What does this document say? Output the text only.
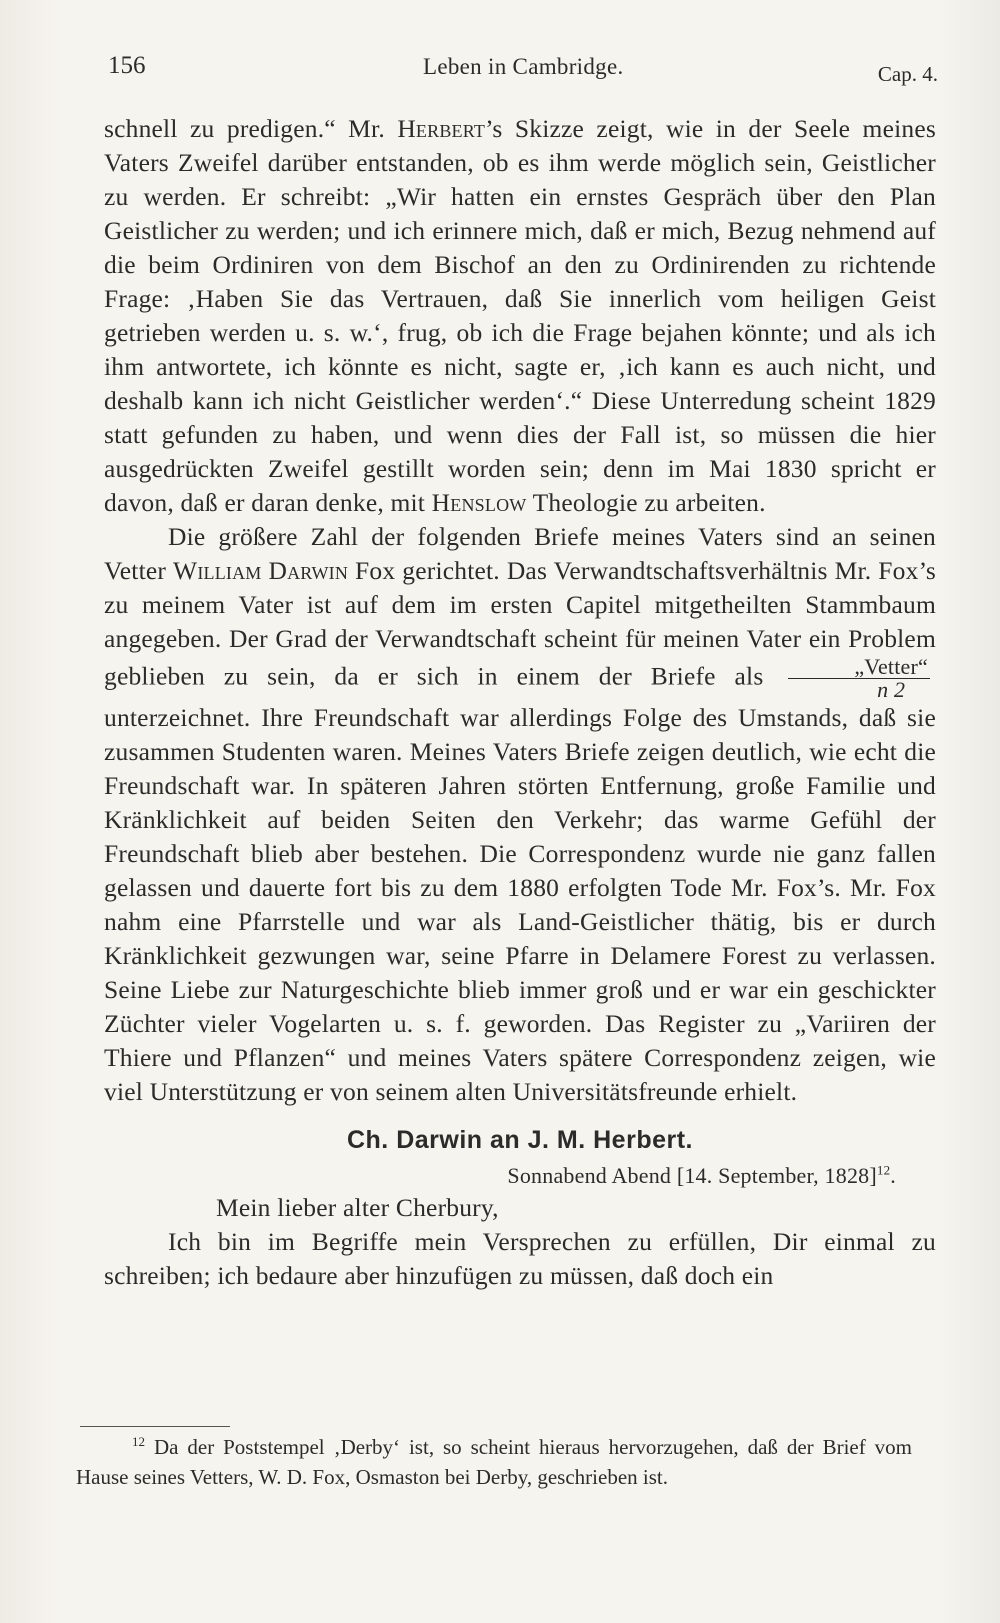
156	Leben in Cambridge.	Cap. 4.

schnell zu predigen.“ Mr. Herbert’s Skizze zeigt, wie in der Seele meines Vaters Zweifel darüber entstanden, ob es ihm werde möglich sein, Geistlicher zu werden. Er schreibt: „Wir hatten ein ernstes Gespräch über den Plan Geistlicher zu werden; und ich erinnere mich, daß er mich, Bezug nehmend auf die beim Ordiniren von dem Bischof an den zu Ordinirenden zu richtende Frage: ‚Haben Sie das Vertrauen, daß Sie innerlich vom heiligen Geist getrieben werden u. s. w.‘, frug, ob ich die Frage bejahen könnte; und als ich ihm antwortete, ich könnte es nicht, sagte er, ‚ich kann es auch nicht, und deshalb kann ich nicht Geistlicher werden‘.“ Diese Unterredung scheint 1829 statt gefunden zu haben, und wenn dies der Fall ist, so müssen die hier ausgedrückten Zweifel gestillt worden sein; denn im Mai 1830 spricht er davon, daß er daran denke, mit Henslow Theologie zu arbeiten.

Die größere Zahl der folgenden Briefe meines Vaters sind an seinen Vetter William Darwin Fox gerichtet. Das Verwandtschaftsverhältnis Mr. Fox’s zu meinem Vater ist auf dem im ersten Capitel mitgetheilten Stammbaum angegeben. Der Grad der Verwandtschaft scheint für meinen Vater ein Problem geblieben zu sein, da er sich in einem der Briefe als $\frac{\text{„Vetter“}}{n 2}$
unterzeichnet. Ihre Freundschaft war allerdings Folge des Umstands, daß sie zusammen Studenten waren. Meines Vaters Briefe zeigen deutlich, wie echt die Freundschaft war. In späteren Jahren störten Entfernung, große Familie und Kränklichkeit auf beiden Seiten den Verkehr; das warme Gefühl der Freundschaft blieb aber bestehen. Die Correspondenz wurde nie ganz fallen gelassen und dauerte fort bis zu dem 1880 erfolgten Tode Mr. Fox’s. Mr. Fox nahm eine Pfarrstelle und war als Land-Geistlicher thätig, bis er durch Kränklichkeit gezwungen war, seine Pfarre in Delamere Forest zu verlassen. Seine Liebe zur Naturgeschichte blieb immer groß und er war ein geschickter Züchter vieler Vogelarten u. s. f. geworden. Das Register zu „Variiren der Thiere und Pflanzen“ und meines Vaters spätere Correspondenz zeigen, wie viel Unterstützung er von seinem alten Universitätsfreunde erhielt.

Ch. Darwin an J. M. Herbert.
Sonnabend Abend [14. September, 1828]$^{12}$.
Mein lieber alter Cherbury,

Ich bin im Begriffe mein Versprechen zu erfüllen, Dir einmal zu schreiben; ich bedaure aber hinzufügen zu müssen, daß doch ein

$^{12}$ Da der Poststempel ‚Derby‘ ist, so scheint hieraus hervorzugehen, daß der Brief vom Hause seines Vetters, W. D. Fox, Osmaston bei Derby, geschrieben ist.
